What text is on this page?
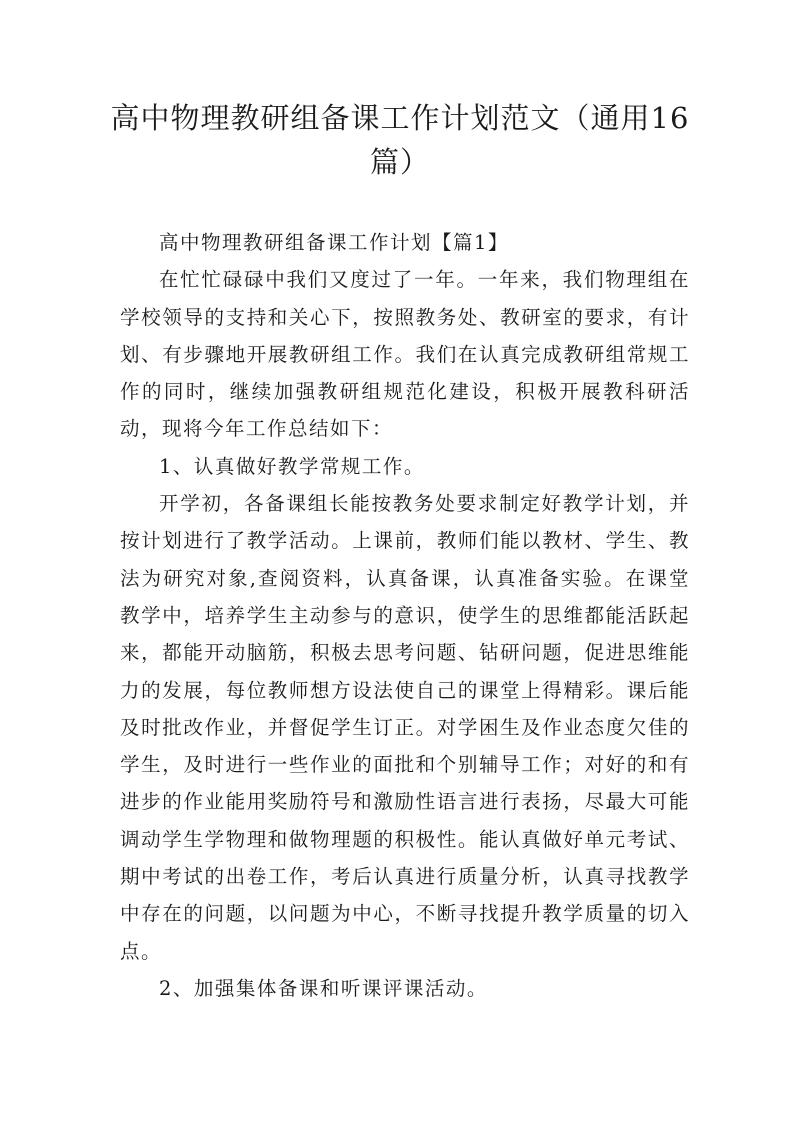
高中物理教研组备课工作计划范文（通用16篇）

高中物理教研组备课工作计划【篇1】

在忙忙碌碌中我们又度过了一年。一年来，我们物理组在学校领导的支持和关心下，按照教务处、教研室的要求，有计划、有步骤地开展教研组工作。我们在认真完成教研组常规工作的同时，继续加强教研组规范化建设，积极开展教科研活动，现将今年工作总结如下：

1、认真做好教学常规工作。

开学初，各备课组长能按教务处要求制定好教学计划，并按计划进行了教学活动。上课前，教师们能以教材、学生、教法为研究对象,查阅资料，认真备课，认真准备实验。在课堂教学中，培养学生主动参与的意识，使学生的思维都能活跃起来，都能开动脑筋，积极去思考问题、钻研问题，促进思维能力的发展，每位教师想方设法使自己的课堂上得精彩。课后能及时批改作业，并督促学生订正。对学困生及作业态度欠佳的学生，及时进行一些作业的面批和个别辅导工作；对好的和有进步的作业能用奖励符号和激励性语言进行表扬，尽最大可能调动学生学物理和做物理题的积极性。能认真做好单元考试、期中考试的出卷工作，考后认真进行质量分析，认真寻找教学中存在的问题，以问题为中心，不断寻找提升教学质量的切入点。

2、加强集体备课和听课评课活动。
